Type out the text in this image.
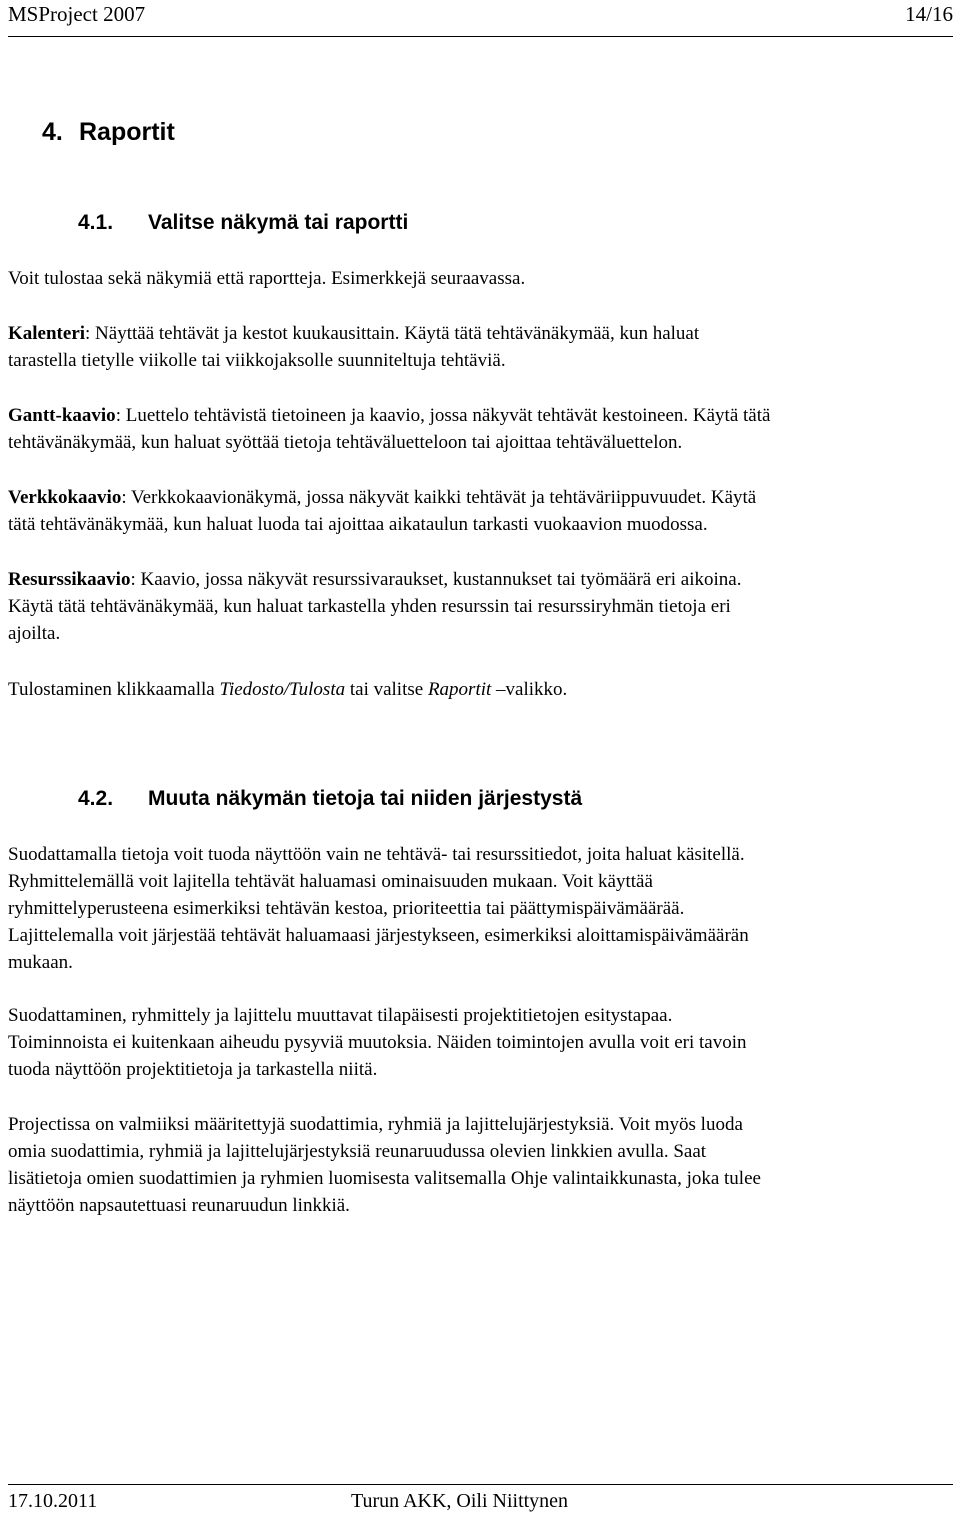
MSProject 2007	14/16
4. Raportit
4.1. Valitse näkymä tai raportti
Voit tulostaa sekä näkymiä että raportteja. Esimerkkejä seuraavassa.
Kalenteri: Näyttää tehtävät ja kestot kuukausittain. Käytä tätä tehtävänäkymää, kun haluat
tarastella tietylle viikolle tai viikkojaksolle suunniteltuja tehtäviä.
Gantt-kaavio: Luettelo tehtävistä tietoineen ja kaavio, jossa näkyvät tehtävät kestoineen. Käytä tätä
tehtävänäkymää, kun haluat syöttää tietoja tehtäväluetteloon tai ajoittaa tehtäväluettelon.
Verkkokaavio: Verkkokaavionäkymä, jossa näkyvät kaikki tehtävät ja tehtäväriippuvuudet. Käytä
tätä tehtävänäkymää, kun haluat luoda tai ajoittaa aikataulun tarkasti vuokaavion muodossa.
Resurssikaavio: Kaavio, jossa näkyvät resurssivaraukset, kustannukset tai työmäärä eri aikoina.
Käytä tätä tehtävänäkymää, kun haluat tarkastella yhden resurssin tai resurssiryhmän tietoja eri
ajoilta.
Tulostaminen klikkaamalla Tiedosto/Tulosta tai valitse Raportit –valikko.
4.2. Muuta näkymän tietoja tai niiden järjestystä
Suodattamalla tietoja voit tuoda näyttöön vain ne tehtävä- tai resurssitiedot, joita haluat käsitellä.
Ryhmittelemällä voit lajitella tehtävät haluamasi ominaisuuden mukaan. Voit käyttää
ryhmittelyperusteena esimerkiksi tehtävän kestoa, prioriteettia tai päättymispäivämäärää.
Lajittelemalla voit järjestää tehtävät haluamaasi järjestykseen, esimerkiksi aloittamispäivämäärän
mukaan.
Suodattaminen, ryhmittely ja lajittelu muuttavat tilapäisesti projektitietojen esitystapaa.
Toiminnoista ei kuitenkaan aiheudu pysyviä muutoksia. Näiden toimintojen avulla voit eri tavoin
tuoda näyttöön projektitietoja ja tarkastella niitä.
Projectissa on valmiiksi määritettyjä suodattimia, ryhmiä ja lajittelujärjestyksiä. Voit myös luoda
omia suodattimia, ryhmiä ja lajittelujärjestyksiä reunaruudussa olevien linkkien avulla. Saat
lisätietoja omien suodattimien ja ryhmien luomisesta valitsemalla Ohje valintaikkunasta, joka tulee
näyttöön napsautettuasi reunaruudun linkkiä.
17.10.2011	Turun AKK, Oili Niittynen
